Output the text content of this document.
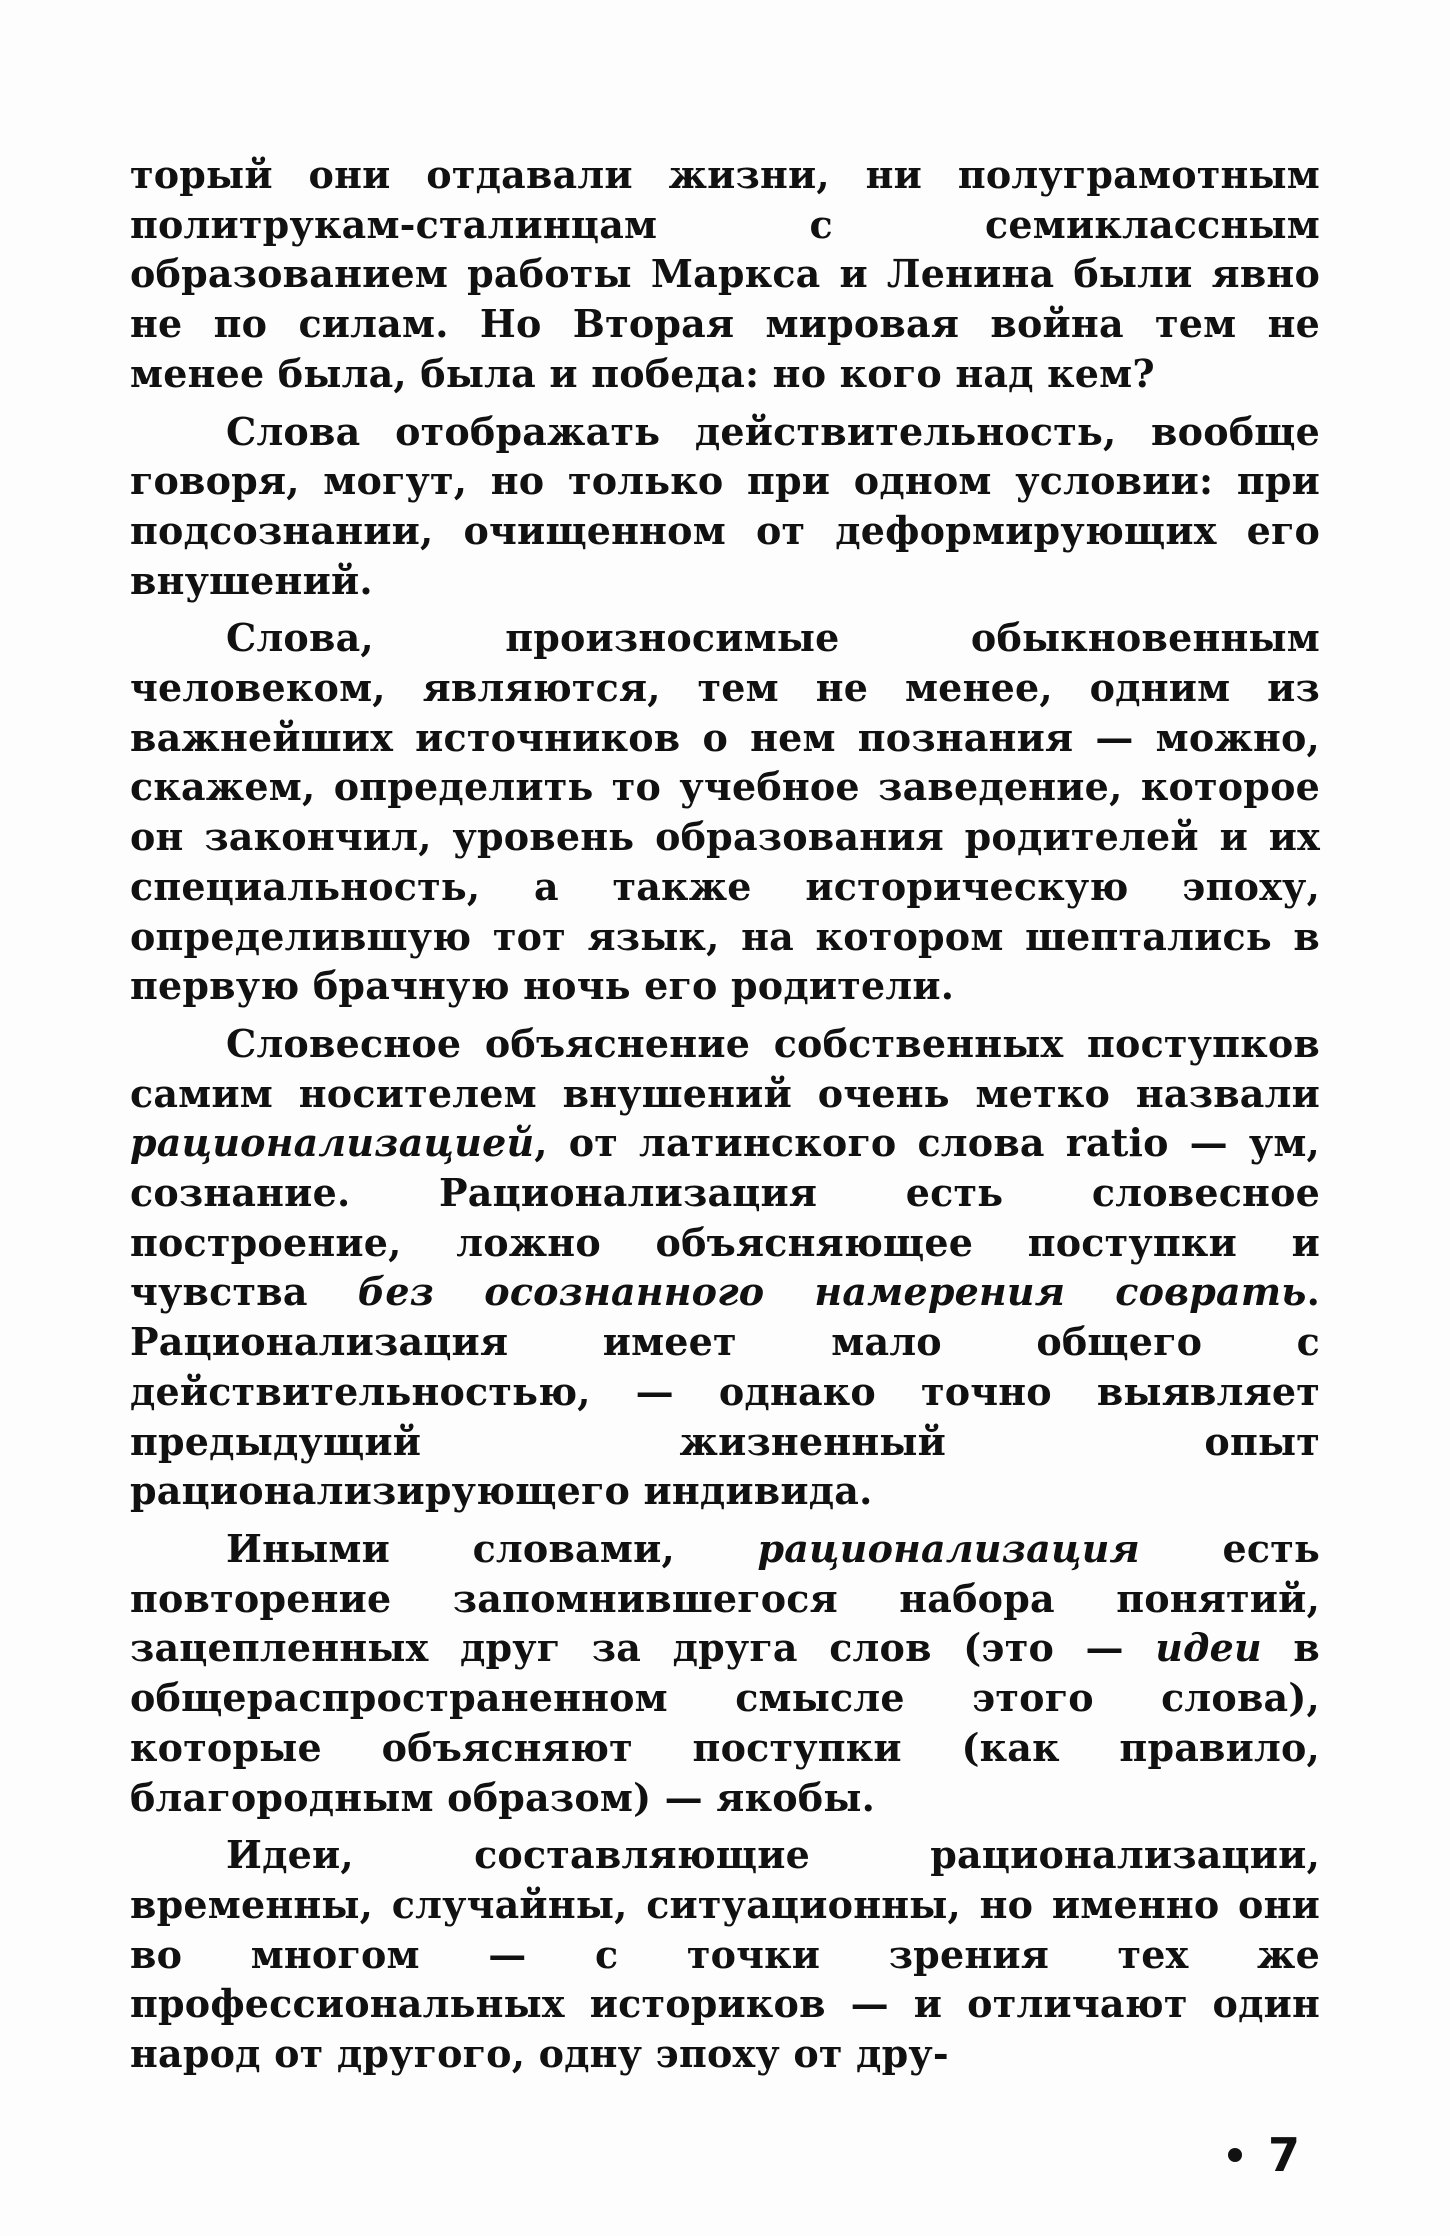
торый они отдавали жизни, ни полуграмотным политрукам-сталинцам с семиклассным образованием работы Маркса и Ленина были явно не по силам. Но Вторая мировая война тем не менее была, была и победа: но кого над кем?

Слова отображать действительность, вообще говоря, могут, но только при одном условии: при подсознании, очищенном от деформирующих его внушений.

Слова, произносимые обыкновенным человеком, являются, тем не менее, одним из важнейших источников о нем познания — можно, скажем, определить то учебное заведение, которое он закончил, уровень образования родителей и их специальность, а также историческую эпоху, определившую тот язык, на котором шептались в первую брачную ночь его родители.

Словесное объяснение собственных поступков самим носителем внушений очень метко назвали рационализацией, от латинского слова ratio — ум, сознание. Рационализация есть словесное построение, ложно объясняющее поступки и чувства без осознанного намерения соврать. Рационализация имеет мало общего с действительностью, — однако точно выявляет предыдущий жизненный опыт рационализирующего индивида.

Иными словами, рационализация есть повторение запомнившегося набора понятий, зацепленных друг за друга слов (это — идеи в общераспространенном смысле этого слова), которые объясняют поступки (как правило, благородным образом) — якобы.

Идеи, составляющие рационализации, временны, случайны, ситуационны, но именно они во многом — с точки зрения тех же профессиональных историков — и отличают один народ от другого, одну эпоху от дру-

7
